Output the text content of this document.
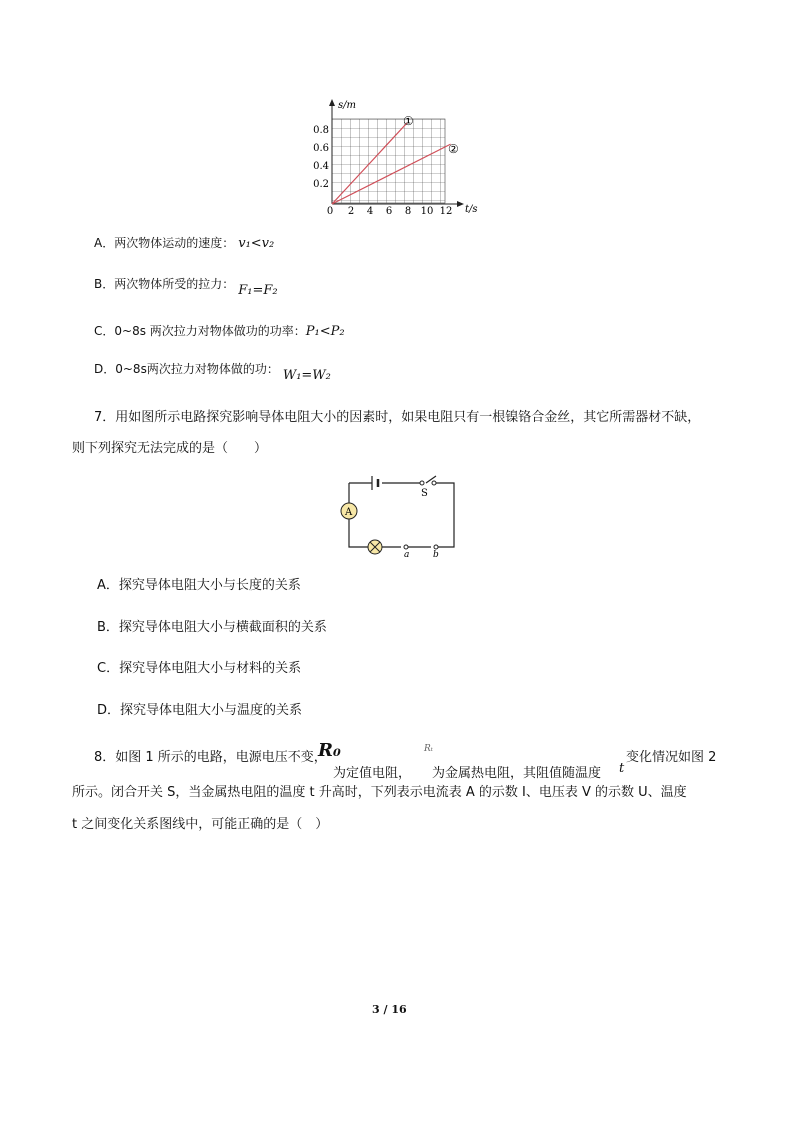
s/m
t/s
0.8
0.6
0.4
0.2
0 2 4 6 8 10 12
①
②
A．两次物体运动的速度： v₁<v₂
B．两次物体所受的拉力： F₁=F₂
C．0~8s 两次拉力对物体做功的功率：P₁<P₂
D．0~8s两次拉力对物体做的功： W₁=W₂
7．用如图所示电路探究影响导体电阻大小的因素时，如果电阻只有一根镍铬合金丝，其它所需器材不缺，
则下列探究无法完成的是（　　）
S
A
a	b
A．探究导体电阻大小与长度的关系
B．探究导体电阻大小与横截面积的关系
C．探究导体电阻大小与材料的关系
D．探究导体电阻大小与温度的关系
8．如图 1 所示的电路，电源电压不变，
R₀
为定值电阻，
Rₜ
为金属热电阻，其阻值随温度 t
变化情况如图 2
所示。闭合开关 S，当金属热电阻的温度 t 升高时，下列表示电流表 A 的示数 I、电压表 V 的示数 U、温度
t 之间变化关系图线中，可能正确的是（　）
3 / 16
